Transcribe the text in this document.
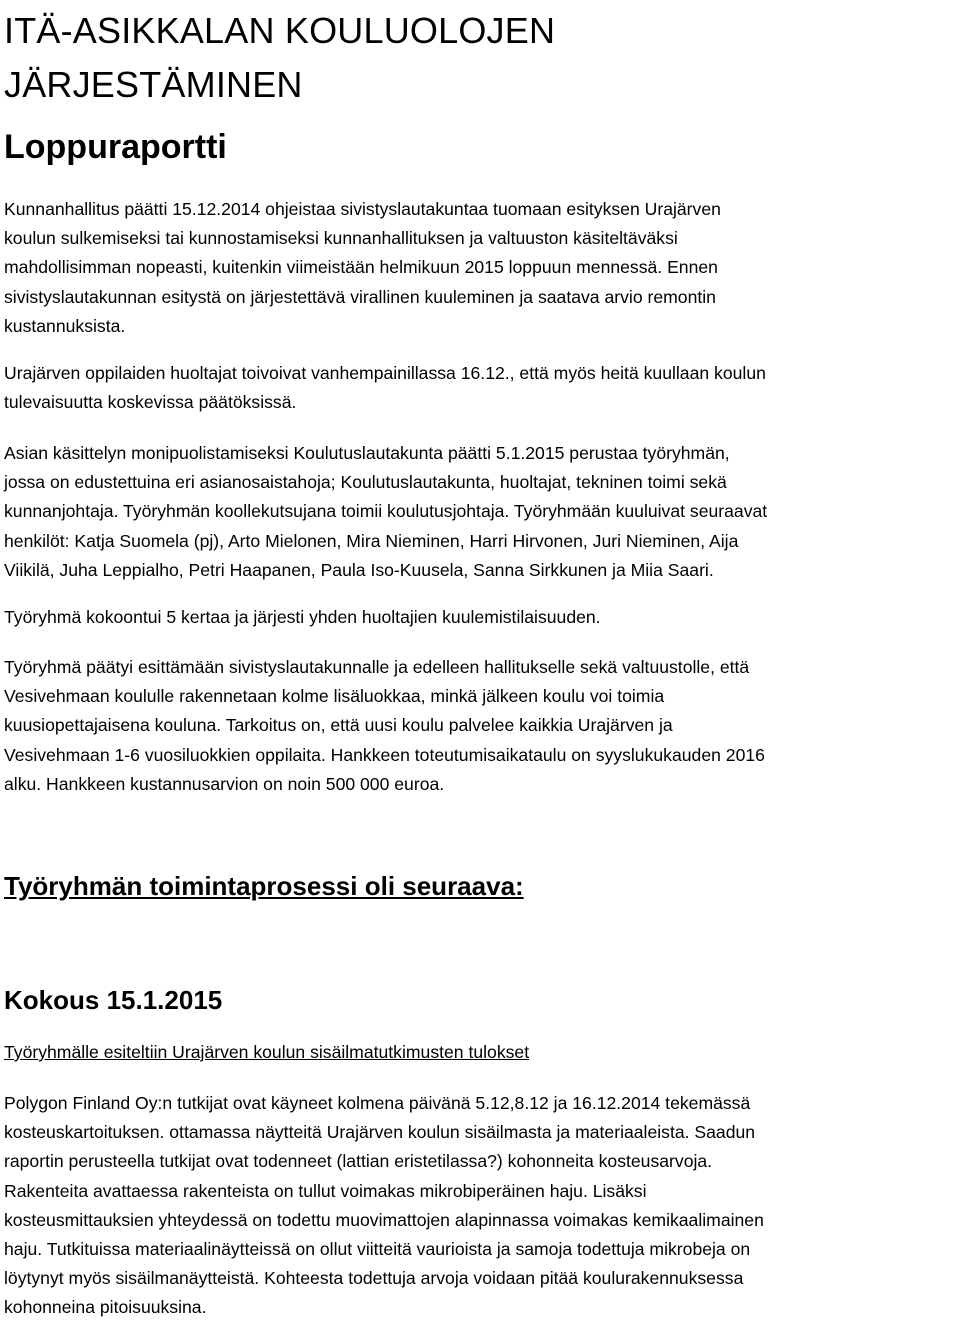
ITÄ-ASIKKALAN KOULUOLOJEN
JÄRJESTÄMINEN
Loppuraportti

Kunnanhallitus päätti 15.12.2014 ohjeistaa sivistyslautakuntaa tuomaan esityksen Urajärven
koulun sulkemiseksi tai kunnostamiseksi kunnanhallituksen ja valtuuston käsiteltäväksi
mahdollisimman nopeasti, kuitenkin viimeistään helmikuun 2015 loppuun mennessä. Ennen
sivistyslautakunnan esitystä on järjestettävä virallinen kuuleminen ja saatava arvio remontin
kustannuksista.

Urajärven oppilaiden huoltajat toivoivat vanhempainillassa 16.12., että myös heitä kuullaan koulun
tulevaisuutta koskevissa päätöksissä.

Asian käsittelyn monipuolistamiseksi Koulutuslautakunta päätti 5.1.2015 perustaa työryhmän,
jossa on edustettuina eri asianosaistahoja; Koulutuslautakunta, huoltajat, tekninen toimi sekä
kunnanjohtaja. Työryhmän koollekutsujana toimii koulutusjohtaja. Työryhmään kuuluivat seuraavat
henkilöt: Katja Suomela (pj), Arto Mielonen, Mira Nieminen, Harri Hirvonen, Juri Nieminen, Aija
Viikilä, Juha Leppialho, Petri Haapanen, Paula Iso-Kuusela, Sanna Sirkkunen ja Miia Saari.

Työryhmä kokoontui 5 kertaa ja järjesti yhden huoltajien kuulemistilaisuuden.

Työryhmä päätyi esittämään sivistyslautakunnalle ja edelleen hallitukselle sekä valtuustolle, että
Vesivehmaan koululle rakennetaan kolme lisäluokkaa, minkä jälkeen koulu voi toimia
kuusiopettajaisena kouluna. Tarkoitus on, että uusi koulu palvelee kaikkia Urajärven ja
Vesivehmaan 1-6 vuosiluokkien oppilaita. Hankkeen toteutumisaikataulu on syyslukukauden 2016
alku. Hankkeen kustannusarvion on noin 500 000 euroa.

Työryhmän toimintaprosessi oli seuraava:
Kokous 15.1.2015

Työryhmälle esiteltiin Urajärven koulun sisäilmatutkimusten tulokset

Polygon Finland Oy:n tutkijat ovat käyneet kolmena päivänä 5.12,8.12 ja 16.12.2014 tekemässä
kosteuskartoituksen. ottamassa näytteitä Urajärven koulun sisäilmasta ja materiaaleista. Saadun
raportin perusteella tutkijat ovat todenneet (lattian eristetilassa?) kohonneita kosteusarvoja.
Rakenteita avattaessa rakenteista on tullut voimakas mikrobiperäinen haju. Lisäksi
kosteusmittauksien yhteydessä on todettu muovimattojen alapinnassa voimakas kemikaalimainen
haju. Tutkituissa materiaalinäytteissä on ollut viitteitä vaurioista ja samoja todettuja mikrobeja on
löytynyt myös sisäilmanäytteistä. Kohteesta todettuja arvoja voidaan pitää koulurakennuksessa
kohonneina pitoisuuksina.
